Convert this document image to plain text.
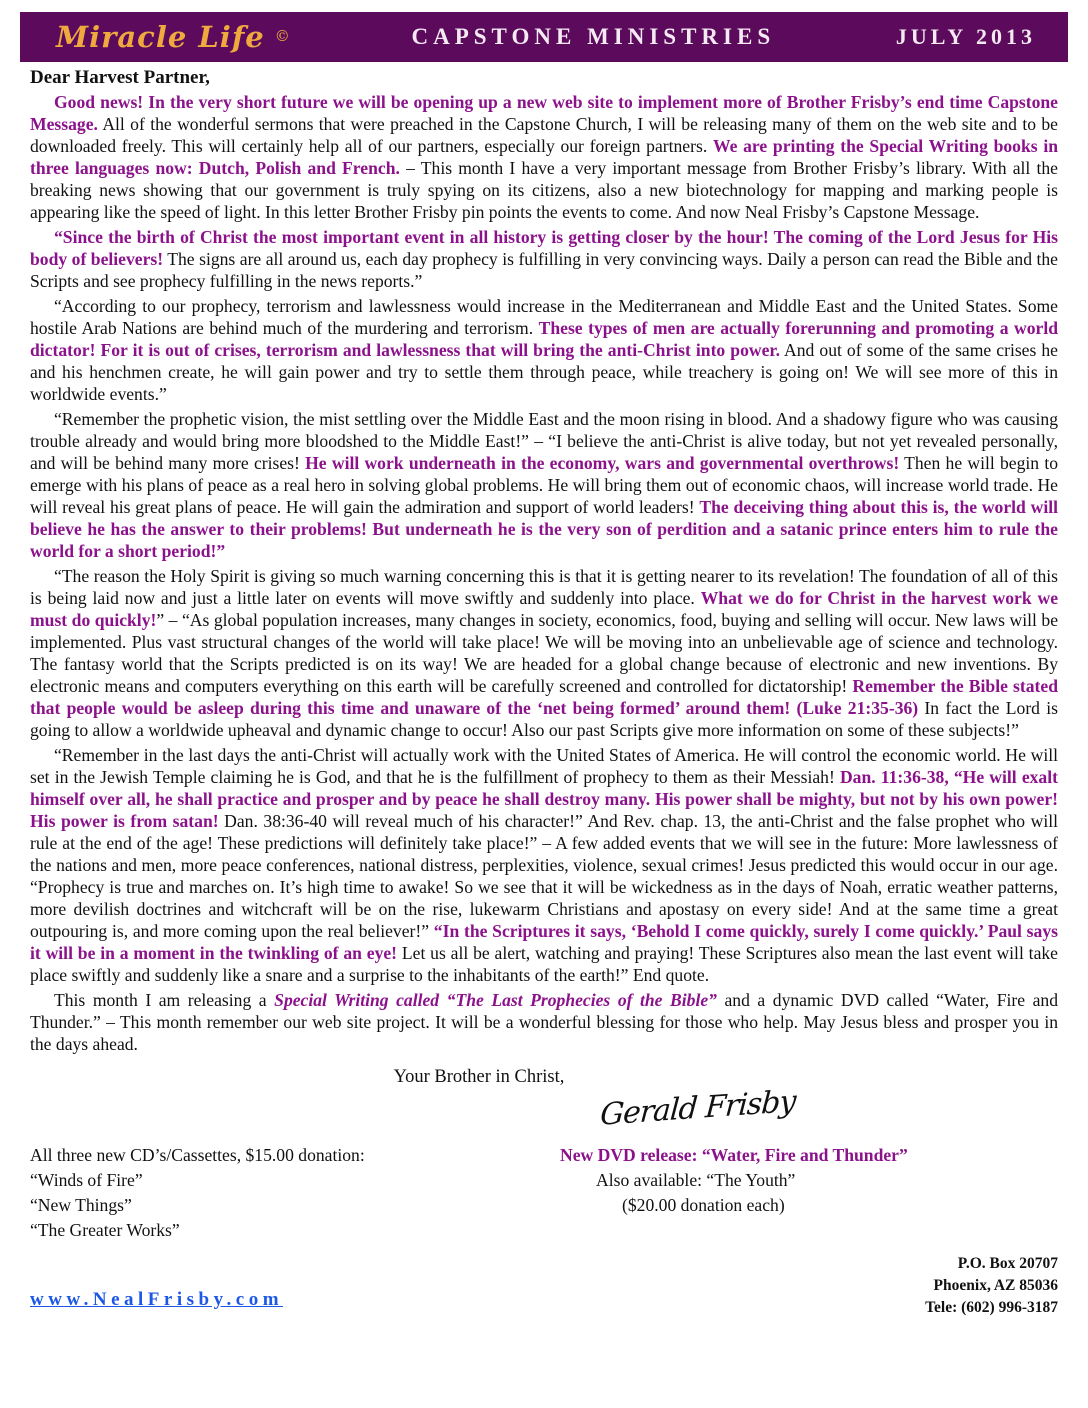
Miracle Life ©	CAPSTONE MINISTRIES	JULY 2013
Dear Harvest Partner,

Good news! In the very short future we will be opening up a new web site to implement more of Brother Frisby’s end time Capstone Message. All of the wonderful sermons that were preached in the Capstone Church, I will be releasing many of them on the web site and to be downloaded freely. This will certainly help all of our partners, especially our foreign partners. We are printing the Special Writing books in three languages now: Dutch, Polish and French. – This month I have a very important message from Brother Frisby’s library. With all the breaking news showing that our government is truly spying on its citizens, also a new biotechnology for mapping and marking people is appearing like the speed of light. In this letter Brother Frisby pin points the events to come. And now Neal Frisby’s Capstone Message.

“Since the birth of Christ the most important event in all history is getting closer by the hour! The coming of the Lord Jesus for His body of believers! The signs are all around us, each day prophecy is fulfilling in very convincing ways. Daily a person can read the Bible and the Scripts and see prophecy fulfilling in the news reports.”

“According to our prophecy, terrorism and lawlessness would increase in the Mediterranean and Middle East and the United States. Some hostile Arab Nations are behind much of the murdering and terrorism. These types of men are actually forerunning and promoting a world dictator! For it is out of crises, terrorism and lawlessness that will bring the anti-Christ into power. And out of some of the same crises he and his henchmen create, he will gain power and try to settle them through peace, while treachery is going on! We will see more of this in worldwide events.”

“Remember the prophetic vision, the mist settling over the Middle East and the moon rising in blood. And a shadowy figure who was causing trouble already and would bring more bloodshed to the Middle East!” – “I believe the anti-Christ is alive today, but not yet revealed personally, and will be behind many more crises! He will work underneath in the economy, wars and governmental overthrows! Then he will begin to emerge with his plans of peace as a real hero in solving global problems. He will bring them out of economic chaos, will increase world trade. He will reveal his great plans of peace. He will gain the admiration and support of world leaders! The deceiving thing about this is, the world will believe he has the answer to their problems! But underneath he is the very son of perdition and a satanic prince enters him to rule the world for a short period!”

“The reason the Holy Spirit is giving so much warning concerning this is that it is getting nearer to its revelation! The foundation of all of this is being laid now and just a little later on events will move swiftly and suddenly into place. What we do for Christ in the harvest work we must do quickly!” – “As global population increases, many changes in society, economics, food, buying and selling will occur. New laws will be implemented. Plus vast structural changes of the world will take place! We will be moving into an unbelievable age of science and technology. The fantasy world that the Scripts predicted is on its way! We are headed for a global change because of electronic and new inventions. By electronic means and computers everything on this earth will be carefully screened and controlled for dictatorship! Remember the Bible stated that people would be asleep during this time and unaware of the ‘net being formed’ around them! (Luke 21:35-36) In fact the Lord is going to allow a worldwide upheaval and dynamic change to occur! Also our past Scripts give more information on some of these subjects!”

“Remember in the last days the anti-Christ will actually work with the United States of America. He will control the economic world. He will set in the Jewish Temple claiming he is God, and that he is the fulfillment of prophecy to them as their Messiah! Dan. 11:36-38, “He will exalt himself over all, he shall practice and prosper and by peace he shall destroy many. His power shall be mighty, but not by his own power! His power is from satan! Dan. 38:36-40 will reveal much of his character!” And Rev. chap. 13, the anti-Christ and the false prophet who will rule at the end of the age! These predictions will definitely take place!” – A few added events that we will see in the future: More lawlessness of the nations and men, more peace conferences, national distress, perplexities, violence, sexual crimes! Jesus predicted this would occur in our age. “Prophecy is true and marches on. It’s high time to awake! So we see that it will be wickedness as in the days of Noah, erratic weather patterns, more devilish doctrines and witchcraft will be on the rise, lukewarm Christians and apostasy on every side! And at the same time a great outpouring is, and more coming upon the real believer!” “In the Scriptures it says, ‘Behold I come quickly, surely I come quickly.’ Paul says it will be in a moment in the twinkling of an eye! Let us all be alert, watching and praying! These Scriptures also mean the last event will take place swiftly and suddenly like a snare and a surprise to the inhabitants of the earth!” End quote.

This month I am releasing a Special Writing called “The Last Prophecies of the Bible” and a dynamic DVD called “Water, Fire and Thunder.” – This month remember our web site project. It will be a wonderful blessing for those who help. May Jesus bless and prosper you in the days ahead.

Your Brother in Christ,
Gerald Frisby
All three new CD’s/Cassettes, $15.00 donation:
“Winds of Fire”
“New Things”
“The Greater Works”
New DVD release: “Water, Fire and Thunder”
Also available: “The Youth”
($20.00 donation each)
www.NealFrisby.com
P.O. Box 20707
Phoenix, AZ 85036
Tele: (602) 996-3187
